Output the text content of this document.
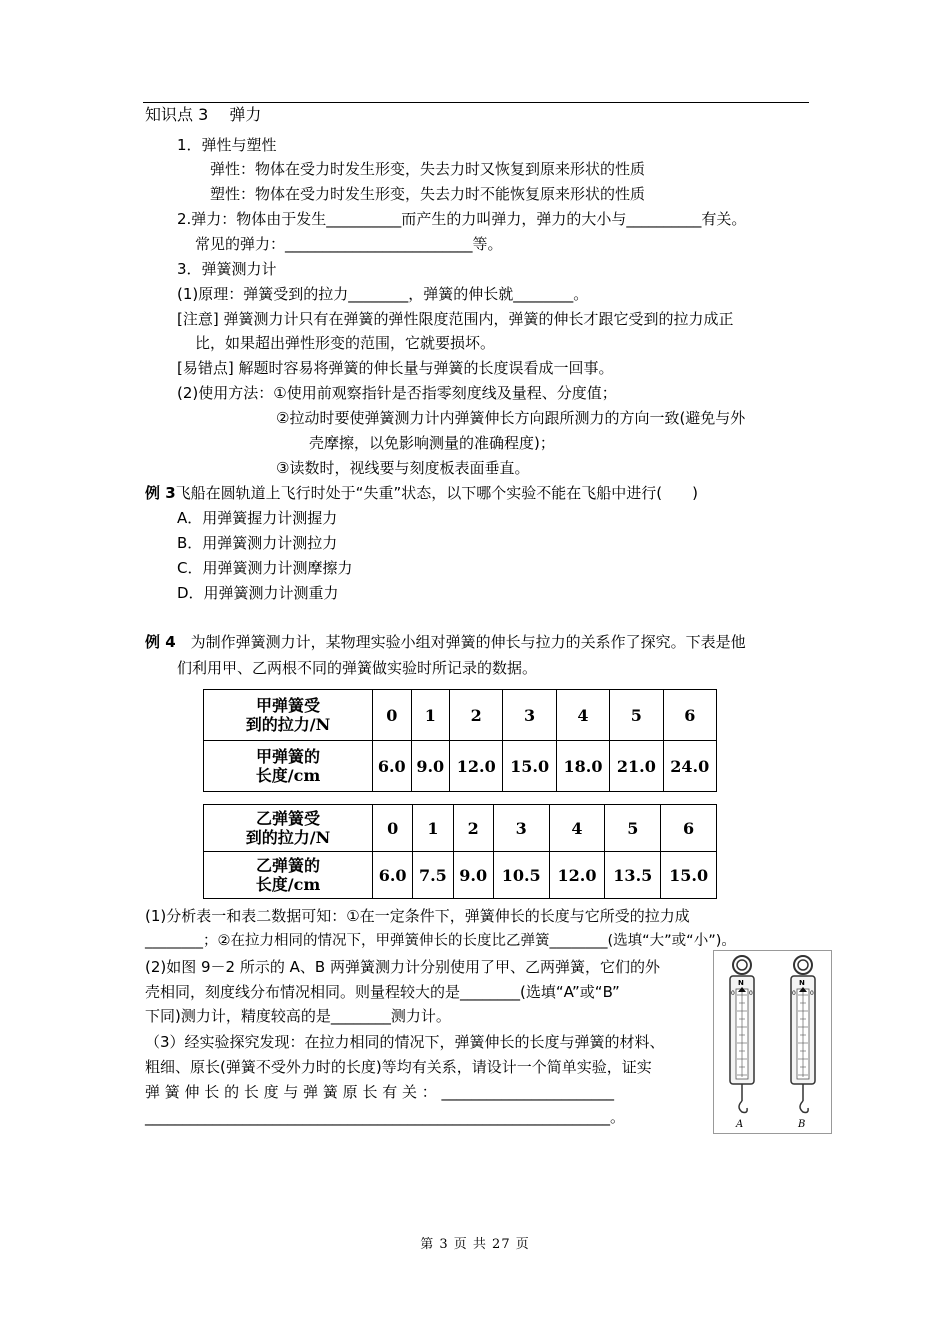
知识点 3　 弹力
1．弹性与塑性
弹性：物体在受力时发生形变，失去力时又恢复到原来形状的性质
塑性：物体在受力时发生形变，失去力时不能恢复原来形状的性质
2.弹力：物体由于发生__________而产生的力叫弹力，弹力的大小与__________有关。
常见的弹力：_________________________等。
3．弹簧测力计
(1)原理：弹簧受到的拉力________，弹簧的伸长就________。
[注意] 弹簧测力计只有在弹簧的弹性限度范围内，弹簧的伸长才跟它受到的拉力成正
比，如果超出弹性形变的范围，它就要损坏。
[易错点] 解题时容易将弹簧的伸长量与弹簧的长度误看成一回事。
(2)使用方法：①使用前观察指针是否指零刻度线及量程、分度值；
②拉动时要使弹簧测力计内弹簧伸长方向跟所测力的方向一致(避免与外
壳摩擦，以免影响测量的准确程度)；
③读数时，视线要与刻度板表面垂直。
例 3飞船在圆轨道上飞行时处于“失重”状态，以下哪个实验不能在飞船中进行(　　)
A．用弹簧握力计测握力
B．用弹簧测力计测拉力
C．用弹簧测力计测摩擦力
D．用弹簧测力计测重力
例 4　为制作弹簧测力计，某物理实验小组对弹簧的伸长与拉力的关系作了探究。下表是他
们利用甲、乙两根不同的弹簧做实验时所记录的数据。
甲弹簧受
到的拉力/N	0	1	2	3	4	5	6
甲弹簧的
长度/cm	6.0	9.0	12.0	15.0	18.0	21.0	24.0
乙弹簧受
到的拉力/N	0	1	2	3	4	5	6
乙弹簧的
长度/cm	6.0	7.5	9.0	10.5	12.0	13.5	15.0
(1)分析表一和表二数据可知：①在一定条件下，弹簧伸长的长度与它所受的拉力成
________；②在拉力相同的情况下，甲弹簧伸长的长度比乙弹簧________(选填“大”或“小”)。
(2)如图 9－2 所示的 A、B 两弹簧测力计分别使用了甲、乙两弹簧，它们的外
壳相同，刻度线分布情况相同。则量程较大的是________(选填“A”或“B”
下同)测力计，精度较高的是________测力计。
（3）经实验探究发现：在拉力相同的情况下，弹簧伸长的长度与弹簧的材料、
粗细、原长(弹簧不受外力时的长度)等均有关系，请设计一个简单实验，证实
弹 簧 伸 长 的 长 度 与 弹 簧 原 长 有 关 ： _______________________
______________________________________________________________。
N
0 0
A
N
0 0
B
第 3 页 共 27 页
